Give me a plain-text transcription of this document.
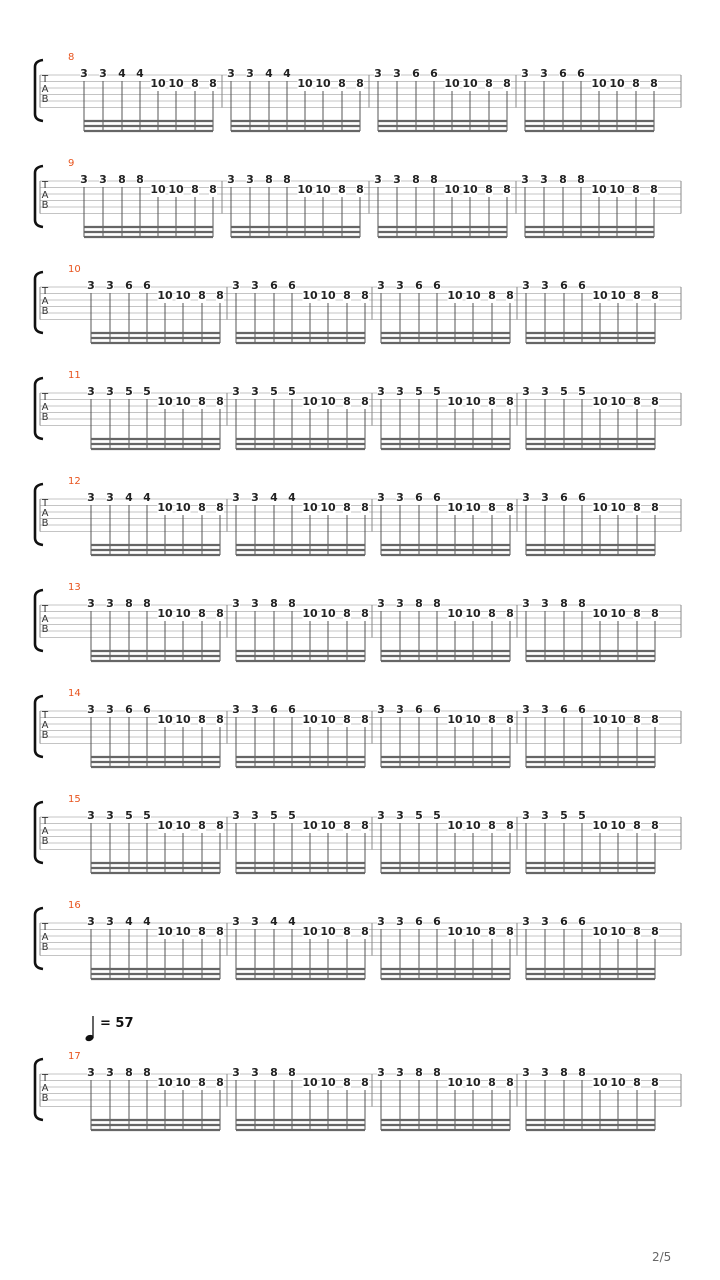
T
A
B
3 3 4 4
10 10 8 8
3 3 4 4
10 10 8 8
3 3 6 6
10 10 8 8
3 3 6 6
10 10 8 8
T
A
B
3 3 8 8
10 10 8 8
3 3 8 8
10 10 8 8
3 3 8 8
10 10 8 8
3 3 8 8
10 10 8 8
T
A
B
3 3 6 6
10 10 8 8
3 3 6 6
10 10 8 8
3 3 6 6
10 10 8 8
3 3 6 6
10 10 8 8
T
A
B
3 3 5 5
10 10 8 8
3 3 5 5
10 10 8 8
3 3 5 5
10 10 8 8
3 3 5 5
10 10 8 8
T
A
B
3 3 4 4
10 10 8 8
3 3 4 4
10 10 8 8
3 3 6 6
10 10 8 8
3 3 6 6
10 10 8 8
T
A
B
3 3 8 8
10 10 8 8
3 3 8 8
10 10 8 8
3 3 8 8
10 10 8 8
3 3 8 8
10 10 8 8
T
A
B
3 3 6 6
10 10 8 8
3 3 6 6
10 10 8 8
3 3 6 6
10 10 8 8
3 3 6 6
10 10 8 8
T
A
B
3 3 5 5
10 10 8 8
3 3 5 5
10 10 8 8
3 3 5 5
10 10 8 8
3 3 5 5
10 10 8 8
T
A
B
3 3 4 4
10 10 8 8
3 3 4 4
10 10 8 8
3 3 6 6
10 10 8 8
3 3 6 6
10 10 8 8
T
A
B
3 3 8 8
10 10 8 8
3 3 8 8
10 10 8 8
3 3 8 8
10 10 8 8
3 3 8 8
10 10 8 8
= 57
2/5
8
9
10
11
12
13
14
15
16
17
